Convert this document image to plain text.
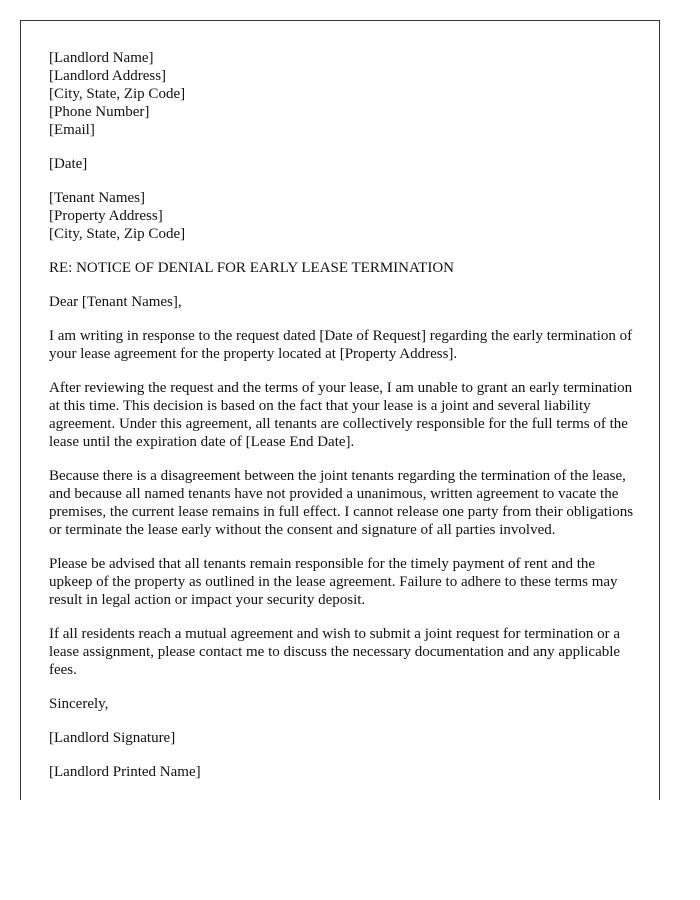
[Landlord Name]
[Landlord Address]
[City, State, Zip Code]
[Phone Number]
[Email]

[Date]

[Tenant Names]
[Property Address]
[City, State, Zip Code]

RE: NOTICE OF DENIAL FOR EARLY LEASE TERMINATION

Dear [Tenant Names],

I am writing in response to the request dated [Date of Request] regarding the early termination of your lease agreement for the property located at [Property Address].

After reviewing the request and the terms of your lease, I am unable to grant an early termination at this time. This decision is based on the fact that your lease is a joint and several liability agreement. Under this agreement, all tenants are collectively responsible for the full terms of the lease until the expiration date of [Lease End Date].

Because there is a disagreement between the joint tenants regarding the termination of the lease, and because all named tenants have not provided a unanimous, written agreement to vacate the premises, the current lease remains in full effect. I cannot release one party from their obligations or terminate the lease early without the consent and signature of all parties involved.

Please be advised that all tenants remain responsible for the timely payment of rent and the upkeep of the property as outlined in the lease agreement. Failure to adhere to these terms may result in legal action or impact your security deposit.

If all residents reach a mutual agreement and wish to submit a joint request for termination or a lease assignment, please contact me to discuss the necessary documentation and any applicable fees.

Sincerely,

[Landlord Signature]

[Landlord Printed Name]
